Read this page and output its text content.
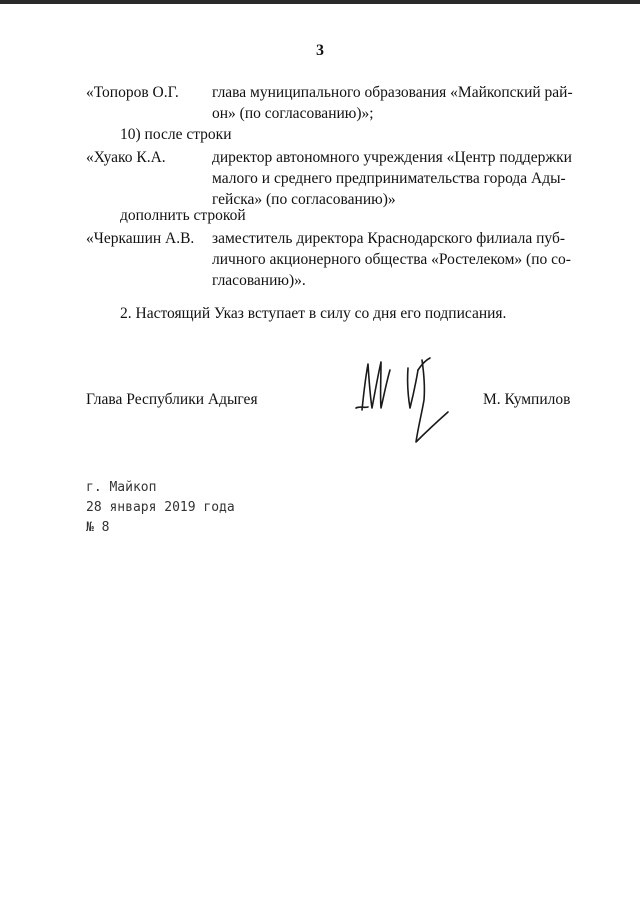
3
«Топоров О.Г. глава муниципального образования «Майкопский рай-
он» (по согласованию)»;
10) после строки
«Хуако К.А.	директор автономного учреждения «Центр поддержки
малого и среднего предпринимательства города Ады-
гейска» (по согласованию)»
дополнить строкой
«Черкашин А.В. заместитель директора Краснодарского филиала пуб-
личного акционерного общества «Ростелеком» (по со-
гласованию)».
2. Настоящий Указ вступает в силу со дня его подписания.
Глава Республики Адыгея	М. Кумпилов
г. Майкоп
28 января 2019 года
№ 8
